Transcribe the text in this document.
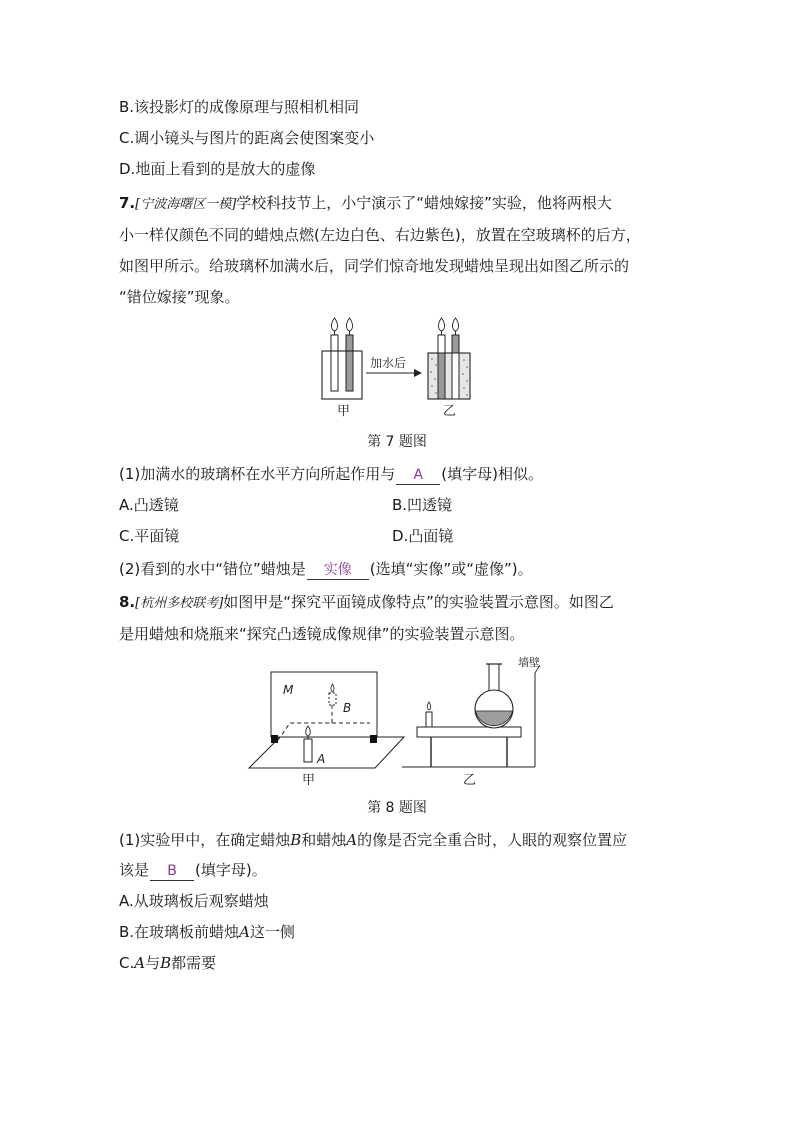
B.该投影灯的成像原理与照相机相同
C.调小镜头与图片的距离会使图案变小
D.地面上看到的是放大的虚像
7.[宁波海曙区一模]学校科技节上，小宁演示了“蜡烛嫁接”实验，他将两根大
小一样仅颜色不同的蜡烛点燃(左边白色、右边紫色)，放置在空玻璃杯的后方，
如图甲所示。给玻璃杯加满水后，同学们惊奇地发现蜡烛呈现出如图乙所示的
“错位嫁接”现象。
加水后
甲	乙
第 7 题图
(1)加满水的玻璃杯在水平方向所起作用与 A (填字母)相似。
A.凸透镜	B.凹透镜
C.平面镜	D.凸面镜
(2)看到的水中“错位”蜡烛是 实像 (选填“实像”或“虚像”)。
8.[杭州多校联考]如图甲是“探究平面镜成像特点”的实验装置示意图。如图乙
是用蜡烛和烧瓶来“探究凸透镜成像规律”的实验装置示意图。
M
B
A
甲
墙壁
乙
第 8 题图
(1)实验甲中，在确定蜡烛B和蜡烛A的像是否完全重合时，人眼的观察位置应
该是 B (填字母)。
A.从玻璃板后观察蜡烛
B.在玻璃板前蜡烛A这一侧
C.A与B都需要
